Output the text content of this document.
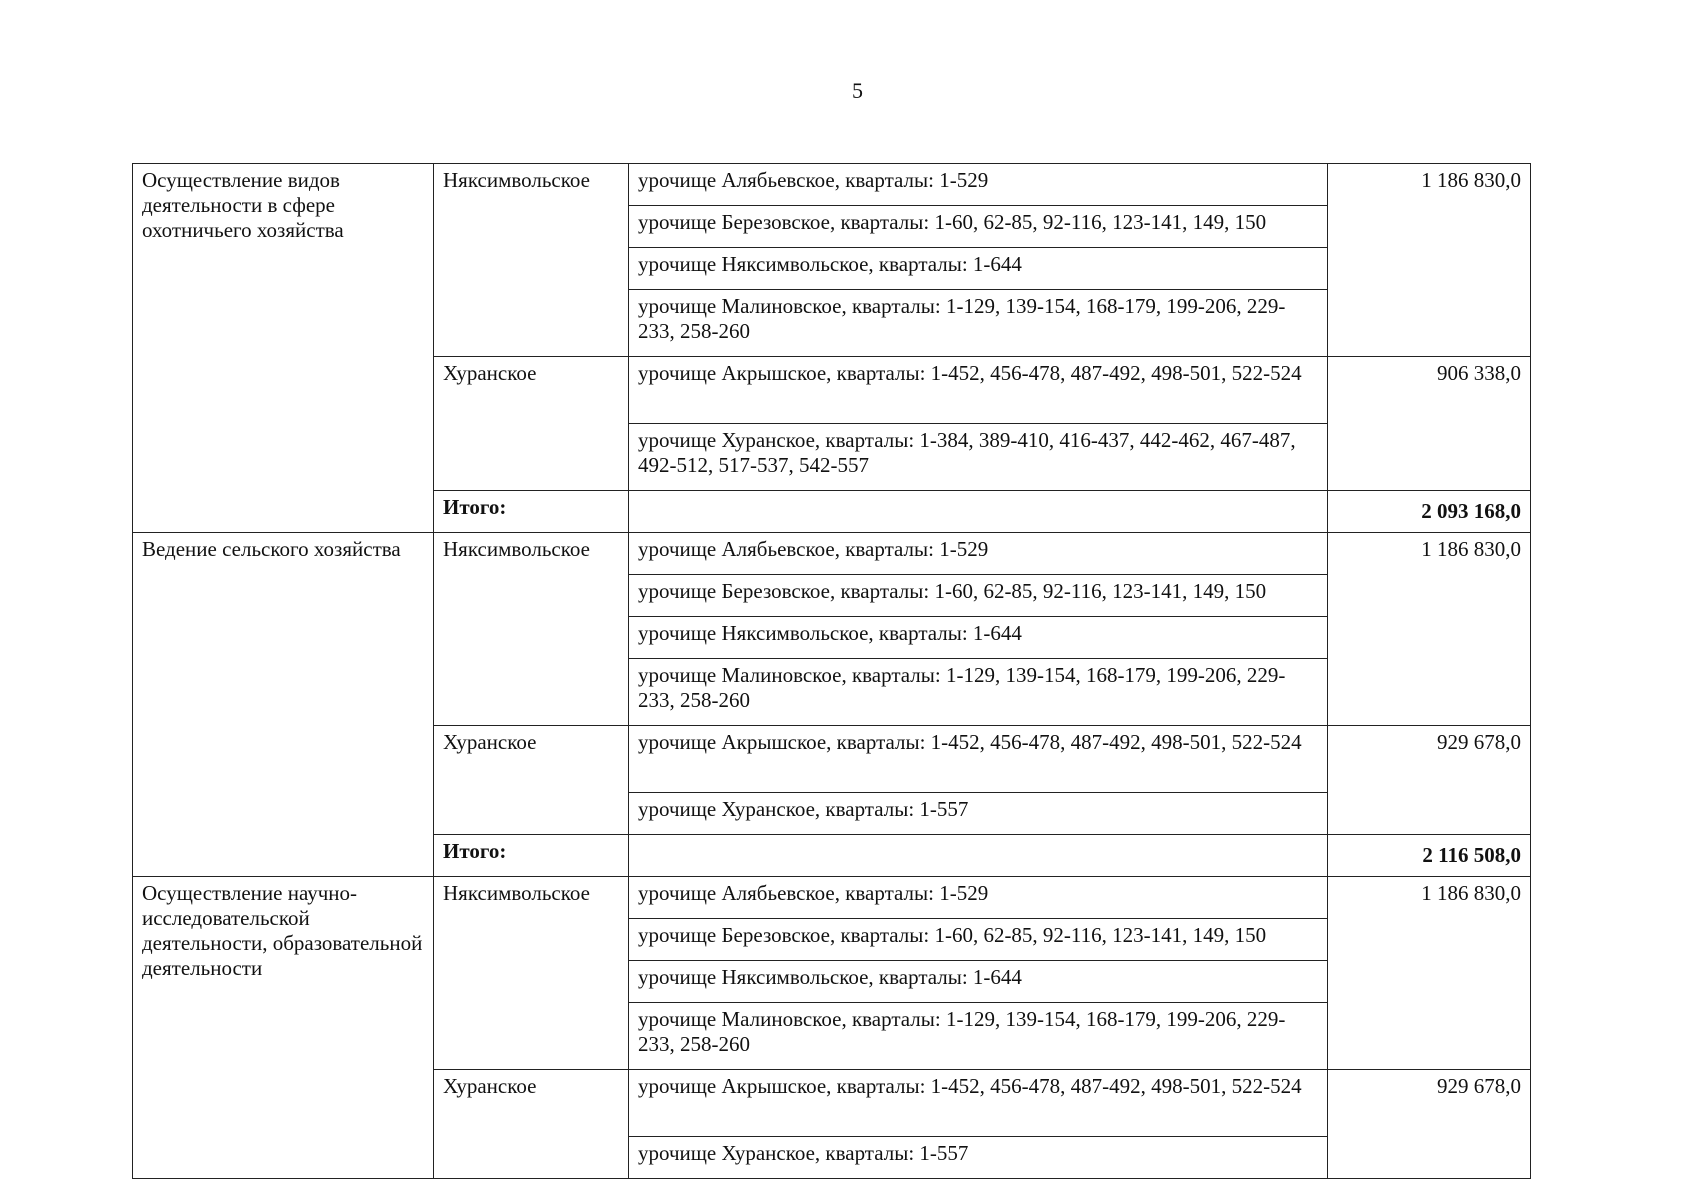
5
Осуществление видов деятельности в сфере охотничьего хозяйства	Няксимвольское	урочище Алябьевское, кварталы: 1-529	1 186 830,0
		урочище Березовское, кварталы: 1-60, 62-85, 92-116, 123-141, 149, 150	
		урочище Няксимвольское, кварталы: 1-644	
		урочище Малиновское, кварталы: 1-129, 139-154, 168-179, 199-206, 229-233, 258-260	
	Хуранское	урочище Акрышское, кварталы: 1-452, 456-478, 487-492, 498-501, 522-524	906 338,0
		урочище Хуранское, кварталы: 1-384, 389-410, 416-437, 442-462, 467-487, 492-512, 517-537, 542-557	
	Итого:		2 093 168,0
Ведение сельского хозяйства	Няксимвольское	урочище Алябьевское, кварталы: 1-529	1 186 830,0
		урочище Березовское, кварталы: 1-60, 62-85, 92-116, 123-141, 149, 150	
		урочище Няксимвольское, кварталы: 1-644	
		урочище Малиновское, кварталы: 1-129, 139-154, 168-179, 199-206, 229-233, 258-260	
	Хуранское	урочище Акрышское, кварталы: 1-452, 456-478, 487-492, 498-501, 522-524	929 678,0
		урочище Хуранское, кварталы: 1-557	
	Итого:		2 116 508,0
Осуществление научно-исследовательской деятельности, образовательной деятельности	Няксимвольское	урочище Алябьевское, кварталы: 1-529	1 186 830,0
		урочище Березовское, кварталы: 1-60, 62-85, 92-116, 123-141, 149, 150	
		урочище Няксимвольское, кварталы: 1-644	
		урочище Малиновское, кварталы: 1-129, 139-154, 168-179, 199-206, 229-233, 258-260	
	Хуранское	урочище Акрышское, кварталы: 1-452, 456-478, 487-492, 498-501, 522-524	929 678,0
		урочище Хуранское, кварталы: 1-557	
